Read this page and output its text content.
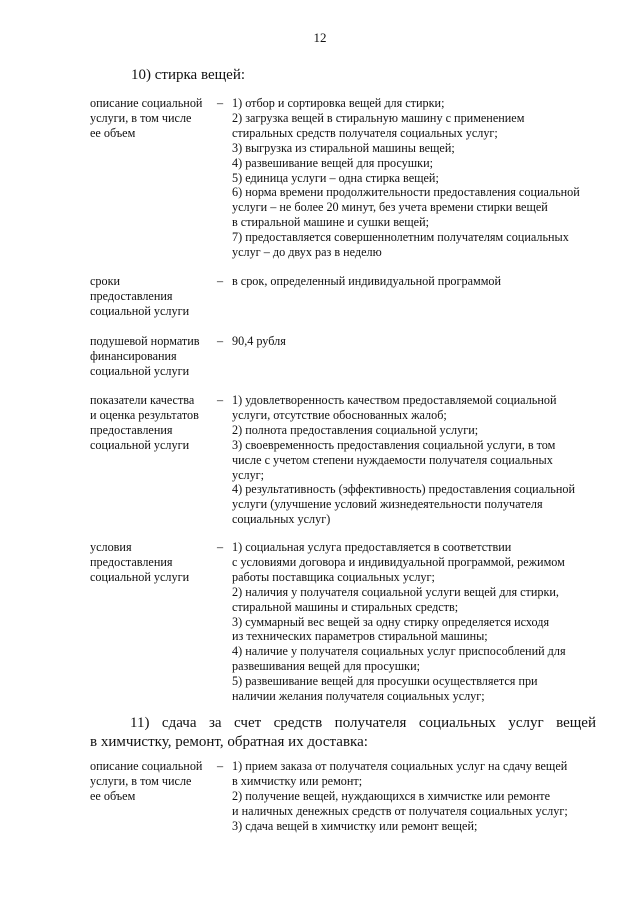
12
10) стирка вещей:
описание социальной
услуги, в том числе
ее объем
– 1) отбор и сортировка вещей для стирки;
2) загрузка вещей в стиральную машину с применением
стиральных средств получателя социальных услуг;
3) выгрузка из стиральной машины вещей;
4) развешивание вещей для просушки;
5) единица услуги – одна стирка вещей;
6) норма времени продолжительности предоставления социальной
услуги – не более 20 минут, без учета времени стирки вещей
в стиральной машине и сушки вещей;
7) предоставляется совершеннолетним получателям социальных
услуг – до двух раз в неделю
сроки
предоставления
социальной услуги
– в срок, определенный индивидуальной программой
подушевой норматив
финансирования
социальной услуги
– 90,4 рубля
показатели качества
и оценка результатов
предоставления
социальной услуги
– 1) удовлетворенность качеством предоставляемой социальной
услуги, отсутствие обоснованных жалоб;
2) полнота предоставления социальной услуги;
3) своевременность предоставления социальной услуги, в том
числе с учетом степени нуждаемости получателя социальных
услуг;
4) результативность (эффективность) предоставления социальной
услуги (улучшение условий жизнедеятельности получателя
социальных услуг)
условия
предоставления
социальной услуги
– 1) социальная услуга предоставляется в соответствии
с условиями договора и индивидуальной программой, режимом
работы поставщика социальных услуг;
2) наличия у получателя социальной услуги вещей для стирки,
стиральной машины и стиральных средств;
3) суммарный вес вещей за одну стирку определяется исходя
из технических параметров стиральной машины;
4) наличие у получателя социальных услуг приспособлений для
развешивания вещей для просушки;
5) развешивание вещей для просушки осуществляется при
наличии желания получателя социальных услуг;
11) сдача за счет средств получателя социальных услуг вещей
в химчистку, ремонт, обратная их доставка:
описание социальной
услуги, в том числе
ее объем
– 1) прием заказа от получателя социальных услуг на сдачу вещей
в химчистку или ремонт;
2) получение вещей, нуждающихся в химчистке или ремонте
и наличных денежных средств от получателя социальных услуг;
3) сдача вещей в химчистку или ремонт вещей;
